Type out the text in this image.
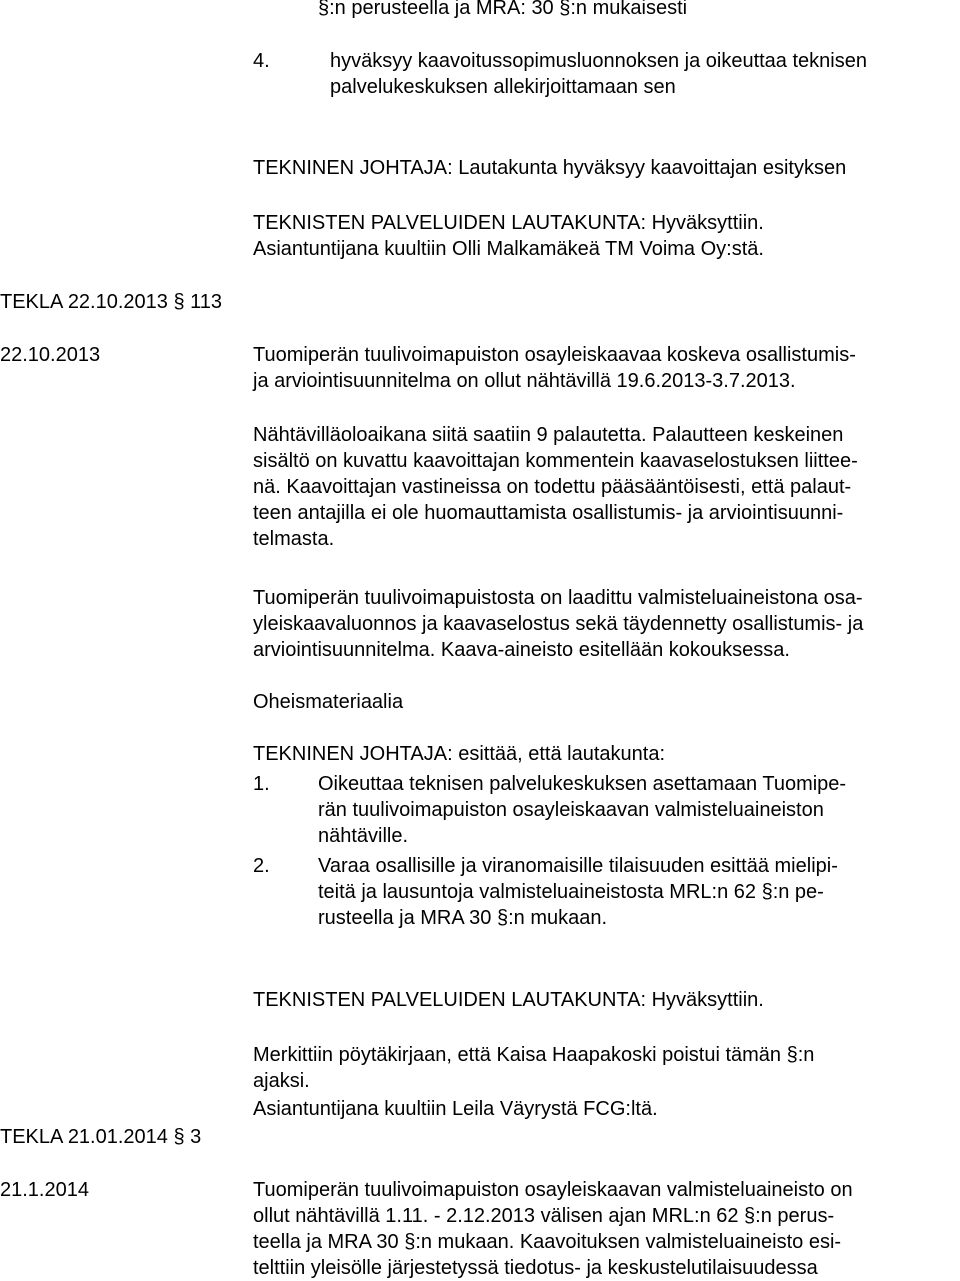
§:n perusteella ja MRA: 30 §:n mukaisesti
4.	hyväksyy kaavoitussopimusluonnoksen ja oikeuttaa teknisen
palvelukeskuksen allekirjoittamaan sen
TEKNINEN JOHTAJA: Lautakunta hyväksyy kaavoittajan esityksen
TEKNISTEN PALVELUIDEN LAUTAKUNTA: Hyväksyttiin.
Asiantuntijana kuultiin Olli Malkamäkeä TM Voima Oy:stä.
TEKLA 22.10.2013 § 113
22.10.2013	Tuomiperän tuulivoimapuiston osayleiskaavaa koskeva osallistumis-
ja arviointisuunnitelma on ollut nähtävillä 19.6.2013-3.7.2013.
Nähtävilläoloaikana siitä saatiin 9 palautetta. Palautteen keskeinen
sisältö on kuvattu kaavoittajan kommentein kaavaselostuksen liittee-
nä. Kaavoittajan vastineissa on todettu pääsääntöisesti, että palaut-
teen antajilla ei ole huomauttamista osallistumis- ja arviointisuunni-
telmasta.
Tuomiperän tuulivoimapuistosta on laadittu valmisteluaineistona osa-
yleiskaavaluonnos ja kaavaselostus sekä täydennetty osallistumis- ja
arviointisuunnitelma. Kaava-aineisto esitellään kokouksessa.
Oheismateriaalia
TEKNINEN JOHTAJA: esittää, että lautakunta:
1. Oikeuttaa teknisen palvelukeskuksen asettamaan Tuomipe-
rän tuulivoimapuiston osayleiskaavan valmisteluaineiston
nähtäville.
2. Varaa osallisille ja viranomaisille tilaisuuden esittää mielipi-
teitä ja lausuntoja valmisteluaineistosta MRL:n 62 §:n pe-
rusteella ja MRA 30 §:n mukaan.
TEKNISTEN PALVELUIDEN LAUTAKUNTA: Hyväksyttiin.
Merkittiin pöytäkirjaan, että Kaisa Haapakoski poistui tämän §:n
ajaksi.
Asiantuntijana kuultiin Leila Väyrystä FCG:ltä.
TEKLA 21.01.2014 § 3
21.1.2014	Tuomiperän tuulivoimapuiston osayleiskaavan valmisteluaineisto on
ollut nähtävillä 1.11. - 2.12.2013 välisen ajan MRL:n 62 §:n perus-
teella ja MRA 30 §:n mukaan. Kaavoituksen valmisteluaineisto esi-
telttiin yleisölle järjestetyssä tiedotus- ja keskustelutilaisuudessa
